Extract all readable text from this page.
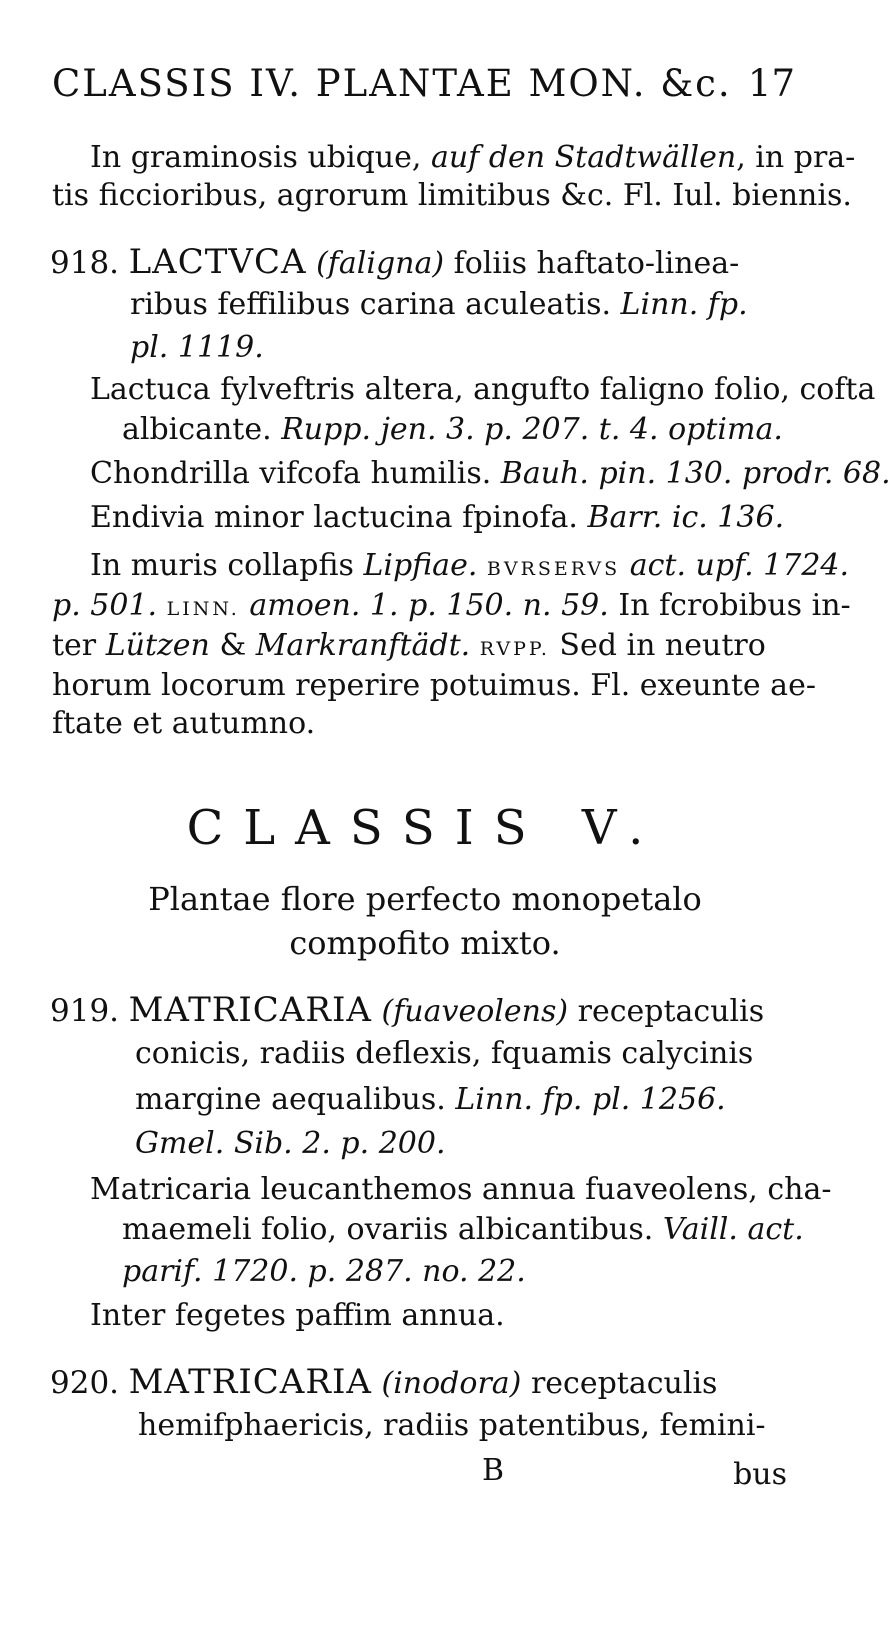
CLASSIS IV. PLANTAE MON. &c. 17
In graminosis ubique, auf den Stadtwällen, in pra-
tis ficcioribus, agrorum limitibus &c. Fl. Iul. biennis.
918. LACTVCA (faligna) foliis haftato-linea-
ribus feffilibus carina aculeatis. Linn. fp.
pl. 1119.
Lactuca fylveftris altera, angufto faligno folio, cofta
albicante. Rupp. jen. 3. p. 207. t. 4. optima.
Chondrilla vifcofa humilis. Bauh. pin. 130. prodr. 68.
Endivia minor lactucina fpinofa. Barr. ic. 136.
In muris collapfis Lipfiae. BVRSERVS act. upf. 1724.
p. 501. LINN. amoen. 1. p. 150. n. 59. In fcrobibus in-
ter Lützen & Markranftädt. RVPP. Sed in neutro
horum locorum reperire potuimus. Fl. exeunte ae-
ftate et autumno.
CLASSIS V.
Plantae flore perfecto monopetalo
compofito mixto.
919. MATRICARIA (fuaveolens) receptaculis
conicis, radiis deflexis, fquamis calycinis
margine aequalibus. Linn. fp. pl. 1256.
Gmel. Sib. 2. p. 200.
Matricaria leucanthemos annua fuaveolens, cha-
maemeli folio, ovariis albicantibus. Vaill. act.
parif. 1720. p. 287. no. 22.
Inter fegetes paffim annua.
920. MATRICARIA (inodora) receptaculis
hemifphaericis, radiis patentibus, femini-
B	bus
